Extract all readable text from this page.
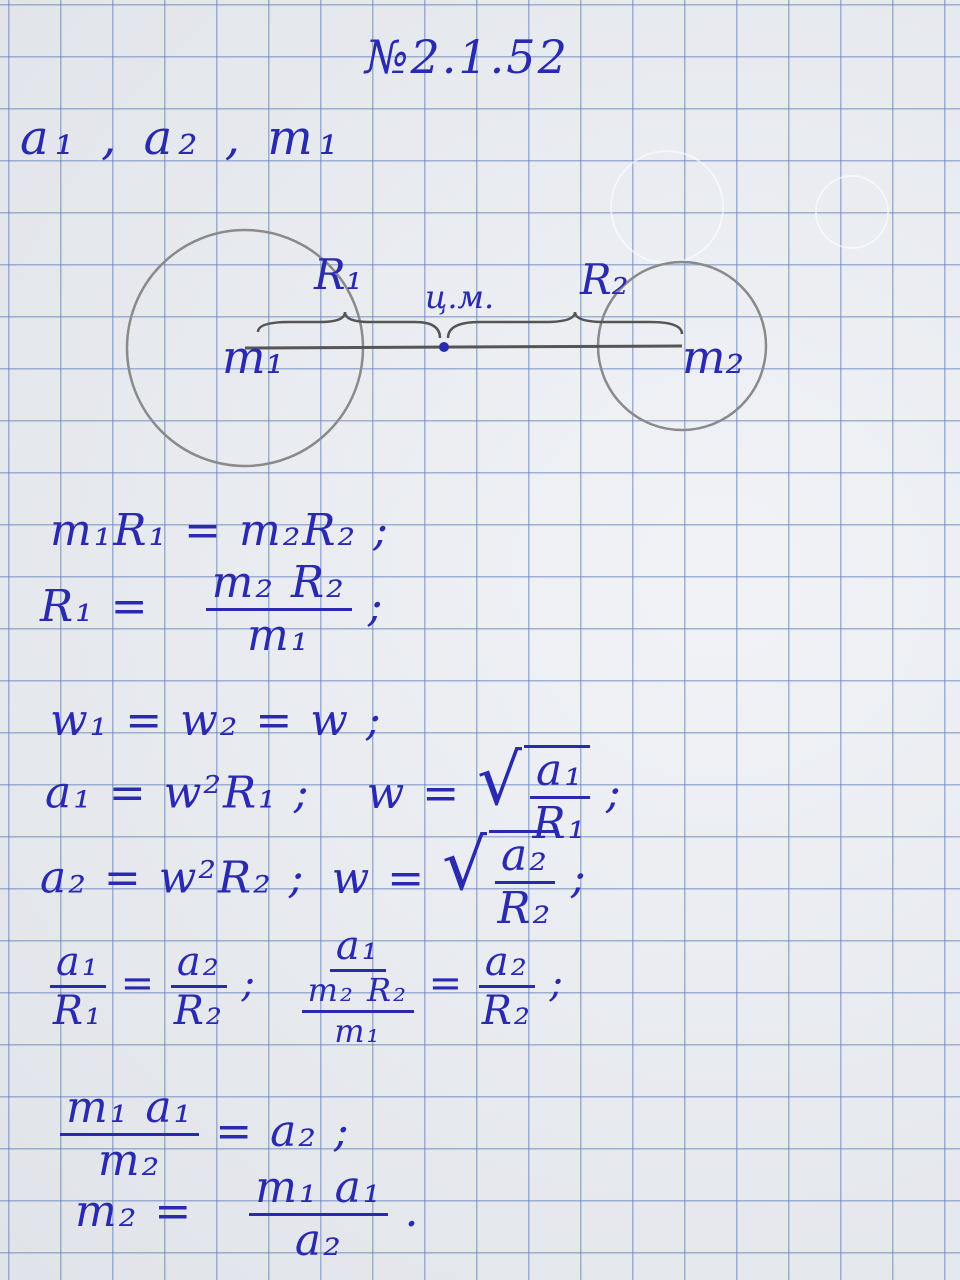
№2.1.52
a₁ , a₂ , m₁
m₁	m₂
R₁	R₂
ц.м.
m₁R₁ = m₂R₂ ;
$R_1 = \frac{\text{m₂ R₂}}{\text{m₁}}$ ;
w₁ = w₂ = w ;
a₁ = w²R₁ ; w = √ $\frac{\text{a₁}}{\text{R₁}}$ ;
a₂ = w²R₂ ; w = √ $\frac{\text{a₂}}{\text{R₂}}$ ;
$\frac{\text{a₁}}{\text{R₁}} = \frac{\text{a₂}}{\text{R₂}}$ ; $\frac{\text{a₁}}{\frac{\text{m₂ R₂}}{\text{m₁}}} = \frac{\text{a₂}}{\text{R₂}}$ ;
$\frac{\text{m₁ a₁}}{\text{m₂}} = a_2$ ;
$m_2 = \frac{\text{m₁ a₁}}{\text{a₂}}$ .
